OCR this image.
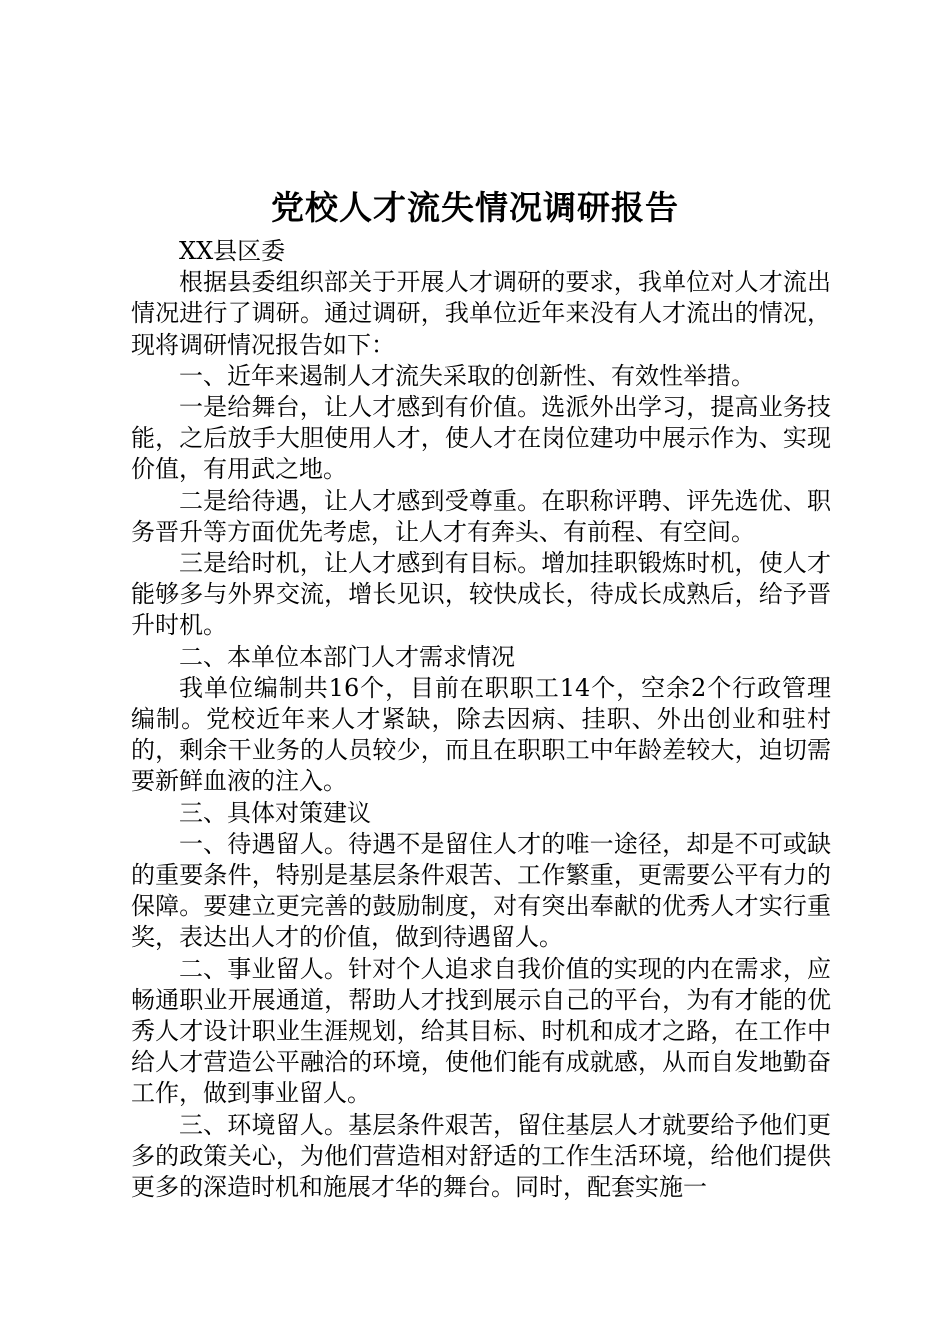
党校人才流失情况调研报告

XX县区委

根据县委组织部关于开展人才调研的要求，我单位对人才流出情况进行了调研。通过调研，我单位近年来没有人才流出的情况，现将调研情况报告如下：

一、近年来遏制人才流失采取的创新性、有效性举措。

一是给舞台，让人才感到有价值。选派外出学习，提高业务技能，之后放手大胆使用人才，使人才在岗位建功中展示作为、实现价值，有用武之地。

二是给待遇，让人才感到受尊重。在职称评聘、评先选优、职务晋升等方面优先考虑，让人才有奔头、有前程、有空间。

三是给时机，让人才感到有目标。增加挂职锻炼时机，使人才能够多与外界交流，增长见识，较快成长，待成长成熟后，给予晋升时机。

二、本单位本部门人才需求情况

我单位编制共16个，目前在职职工14个，空余2个行政管理编制。党校近年来人才紧缺，除去因病、挂职、外出创业和驻村的，剩余干业务的人员较少，而且在职职工中年龄差较大，迫切需要新鲜血液的注入。

三、具体对策建议

一、待遇留人。待遇不是留住人才的唯一途径，却是不可或缺的重要条件，特别是基层条件艰苦、工作繁重，更需要公平有力的保障。要建立更完善的鼓励制度，对有突出奉献的优秀人才实行重奖，表达出人才的价值，做到待遇留人。

二、事业留人。针对个人追求自我价值的实现的内在需求，应畅通职业开展通道，帮助人才找到展示自己的平台，为有才能的优秀人才设计职业生涯规划，给其目标、时机和成才之路，在工作中给人才营造公平融洽的环境，使他们能有成就感，从而自发地勤奋工作，做到事业留人。

三、环境留人。基层条件艰苦，留住基层人才就要给予他们更多的政策关心，为他们营造相对舒适的工作生活环境，给他们提供更多的深造时机和施展才华的舞台。同时，配套实施一
